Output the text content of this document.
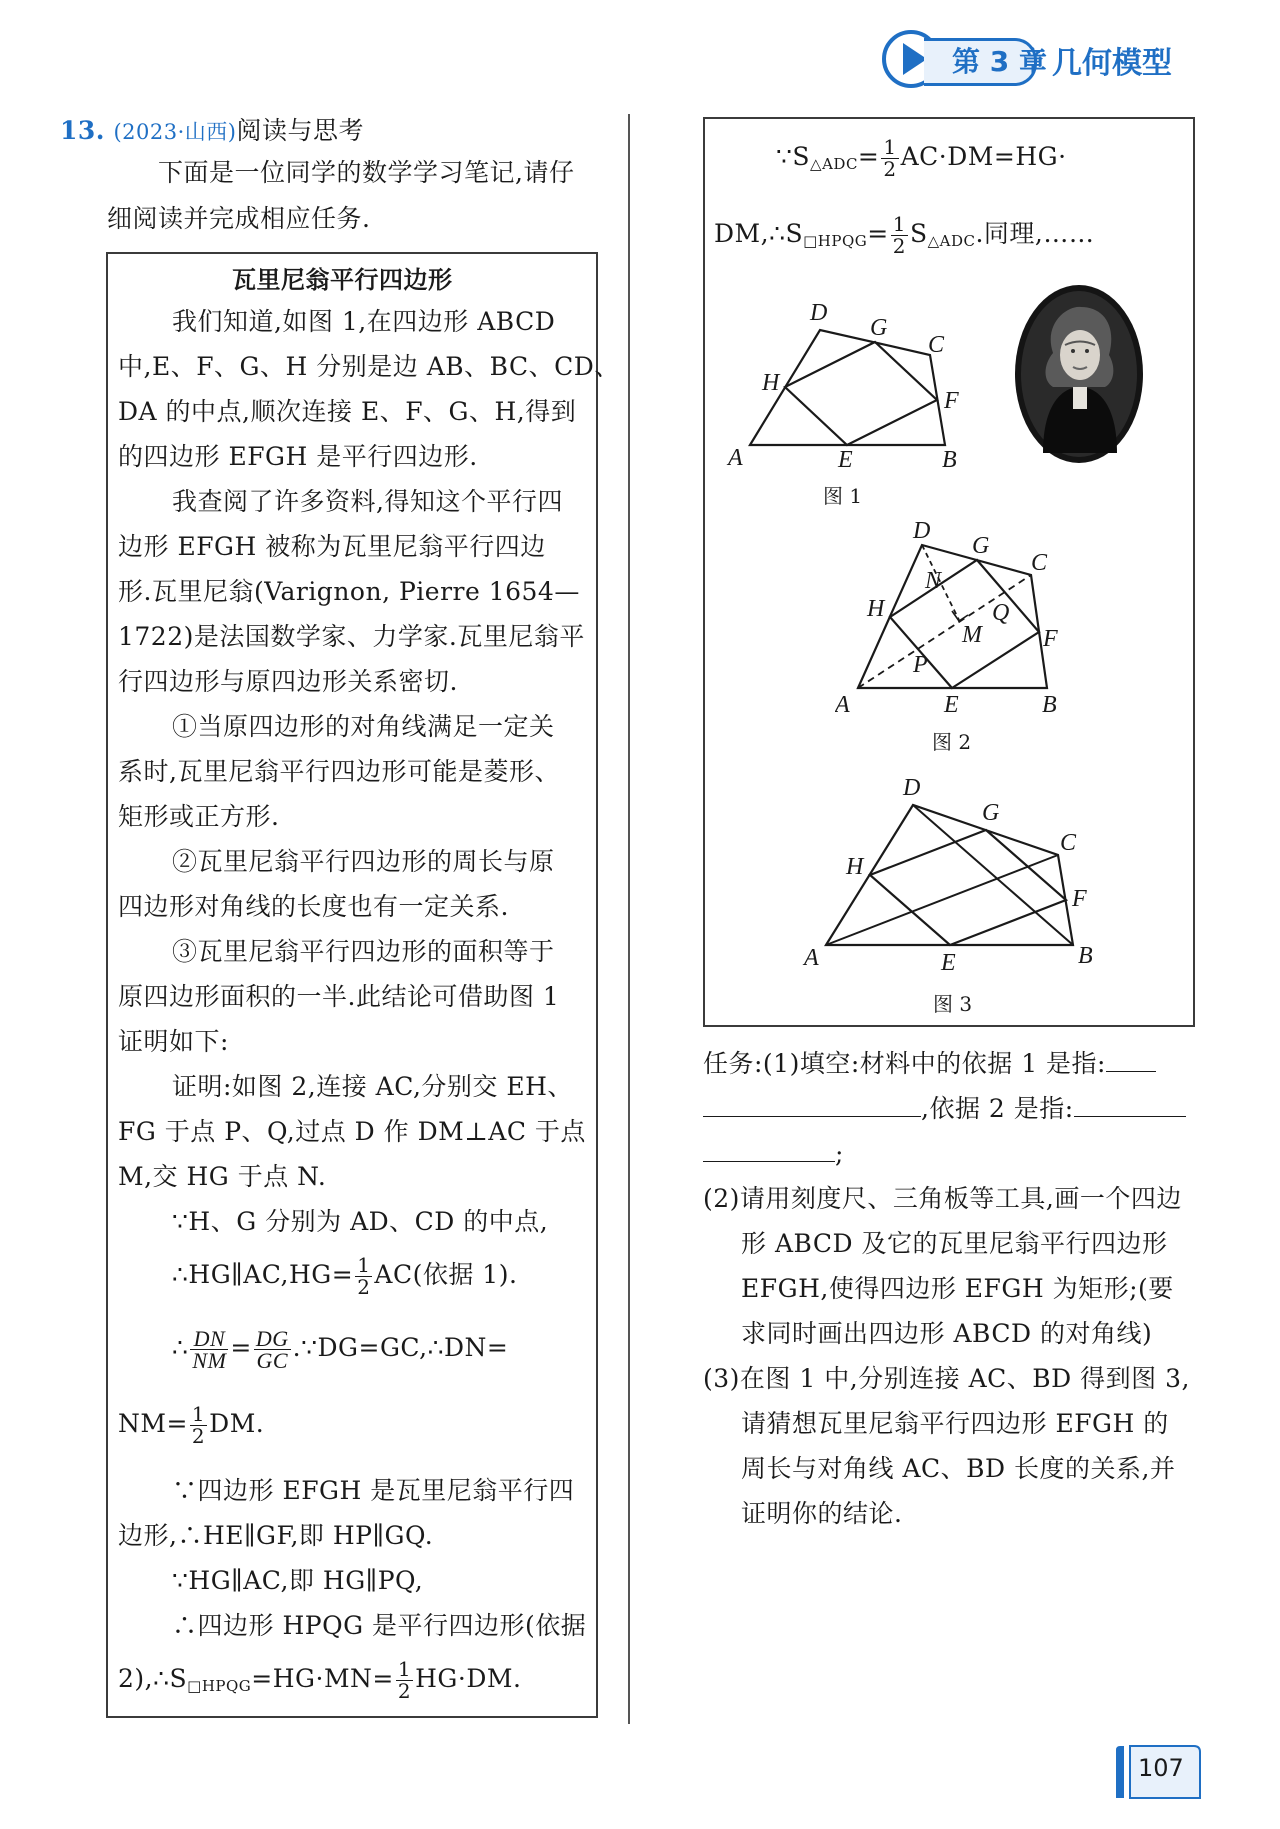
第 3 章 几何模型
13. (2023·山西)阅读与思考
下面是一位同学的数学学习笔记,请仔
细阅读并完成相应任务.
瓦里尼翁平行四边形
我们知道,如图 1,在四边形 ABCD
中,E、F、G、H 分别是边 AB、BC、CD、
DA 的中点,顺次连接 E、F、G、H,得到
的四边形 EFGH 是平行四边形.
我查阅了许多资料,得知这个平行四
边形 EFGH 被称为瓦里尼翁平行四边
形.瓦里尼翁(Varignon, Pierre 1654—
1722)是法国数学家、力学家.瓦里尼翁平
行四边形与原四边形关系密切.
①当原四边形的对角线满足一定关
系时,瓦里尼翁平行四边形可能是菱形、
矩形或正方形.
②瓦里尼翁平行四边形的周长与原
四边形对角线的长度也有一定关系.
③瓦里尼翁平行四边形的面积等于
原四边形面积的一半.此结论可借助图 1
证明如下:
证明:如图 2,连接 AC,分别交 EH、
FG 于点 P、Q,过点 D 作 DM⊥AC 于点
M,交 HG 于点 N.
∵H、G 分别为 AD、CD 的中点,
∴HG∥AC,HG= $\frac{1}{2} AC$(依据 1).
∴ $\frac{DN}{NM} = \frac{DG}{GC}$ .∵DG=GC,∴DN=
$NM= \frac{1}{2}$ DM.
∵四边形 EFGH 是瓦里尼翁平行四
边形,∴HE∥GF,即 HP∥GQ.
∵HG∥AC,即 HG∥PQ,
∴四边形 HPQG 是平行四边形(依据
$2),\therefore S_{□HPQG}=HG\cdot MN= \frac{1}{2} HG\cdot DM$.
$\because S_{\triangle ADC}= \frac{1}{2} AC\cdot DM=HG\cdot$
$DM,\therefore S_{□HPQG}= \frac{1}{2} S_{\triangle ADC}$.同理,……
D
G
C
H
F
A	E	B
图 1
D
G
C
N
H	Q
M	F
P
A	E	B
图 2
D
G
C
H
F
A	E	B
图 3
任务:(1)填空:材料中的依据 1 是指:
,依据 2 是指:
;
(2)请用刻度尺、三角板等工具,画一个四边
形 ABCD 及它的瓦里尼翁平行四边形
EFGH,使得四边形 EFGH 为矩形;(要
求同时画出四边形 ABCD 的对角线)
(3)在图 1 中,分别连接 AC、BD 得到图 3,
请猜想瓦里尼翁平行四边形 EFGH 的
周长与对角线 AC、BD 长度的关系,并
证明你的结论.
107
